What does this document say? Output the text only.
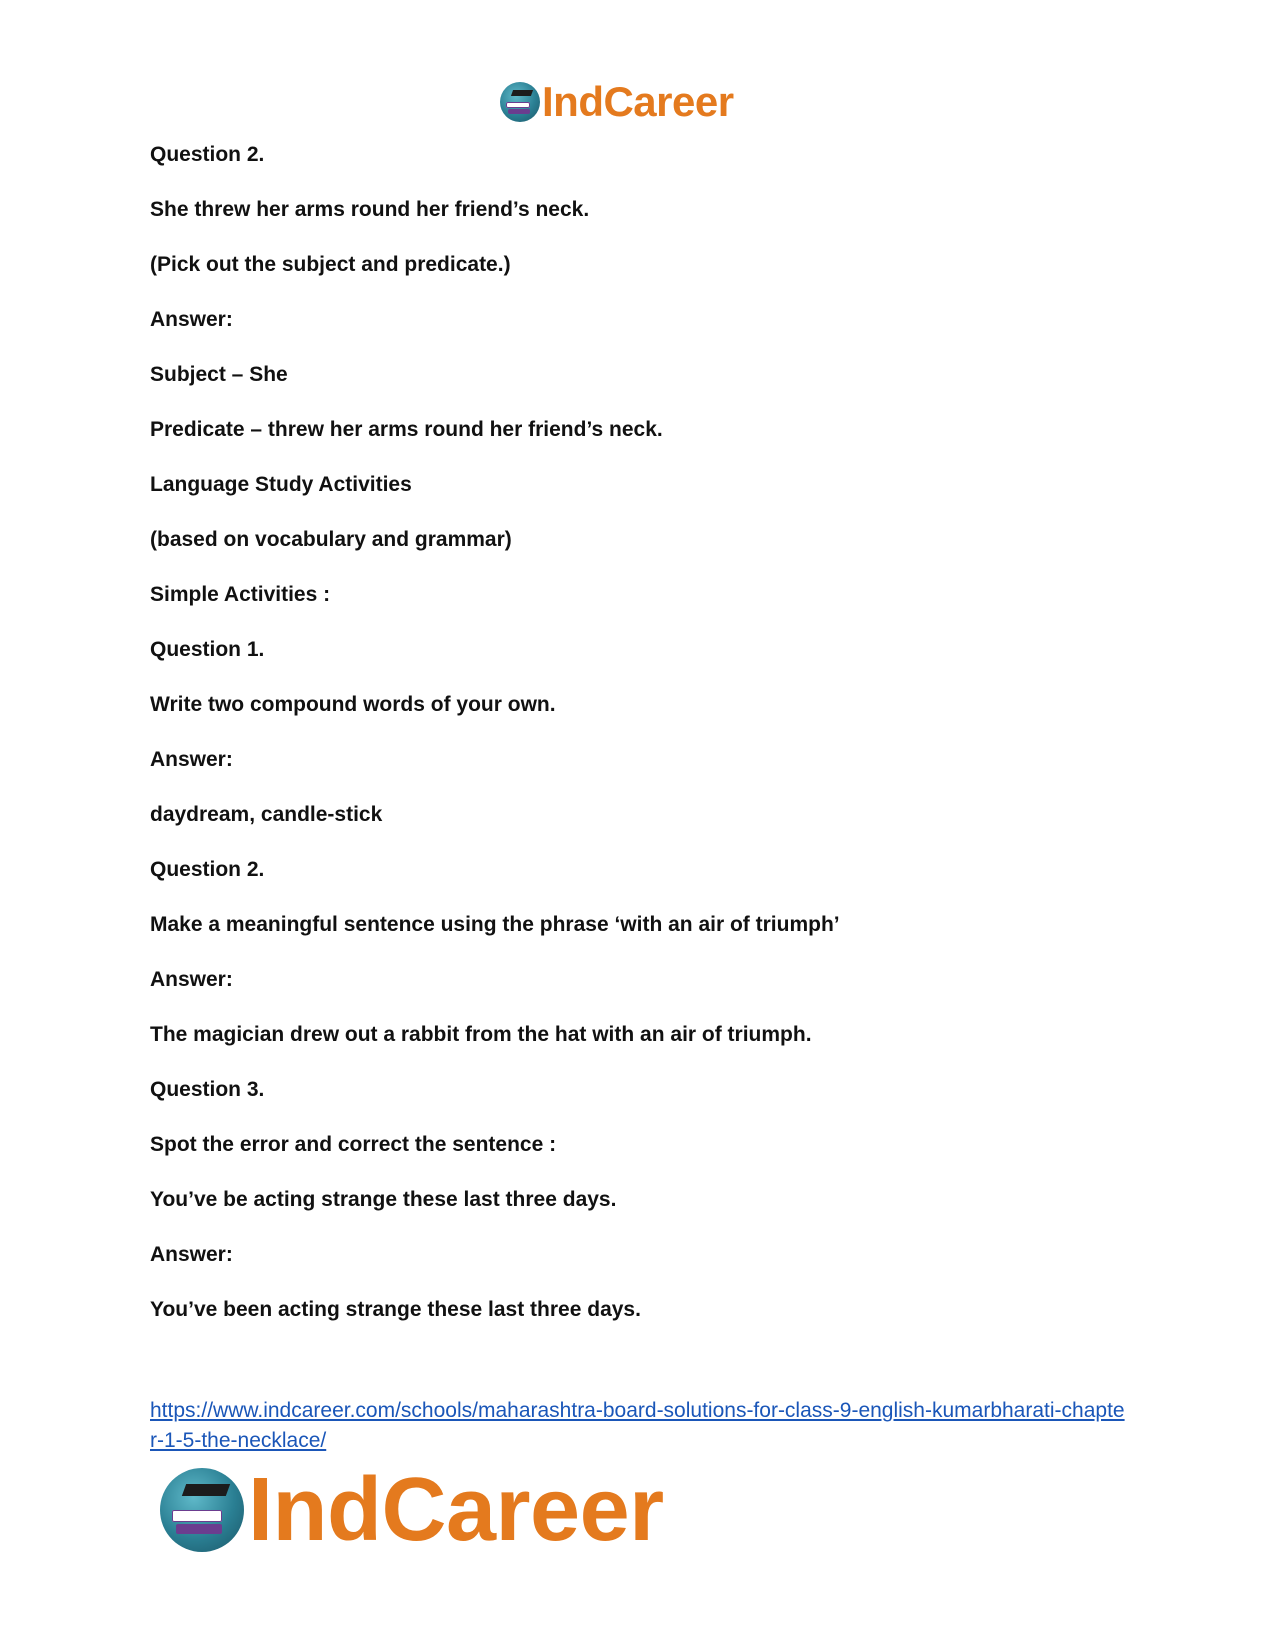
IndCareer
Question 2.
She threw her arms round her friend’s neck.
(Pick out the subject and predicate.)
Answer:
Subject – She
Predicate – threw her arms round her friend’s neck.
Language Study Activities
(based on vocabulary and grammar)
Simple Activities :
Question 1.
Write two compound words of your own.
Answer:
daydream, candle-stick
Question 2.
Make a meaningful sentence using the phrase ‘with an air of triumph’
Answer:
The magician drew out a rabbit from the hat with an air of triumph.
Question 3.
Spot the error and correct the sentence :
You’ve be acting strange these last three days.
Answer:
You’ve been acting strange these last three days.
https://www.indcareer.com/schools/maharashtra-board-solutions-for-class-9-english-kumarbharati-chapter-1-5-the-necklace/
IndCareer
